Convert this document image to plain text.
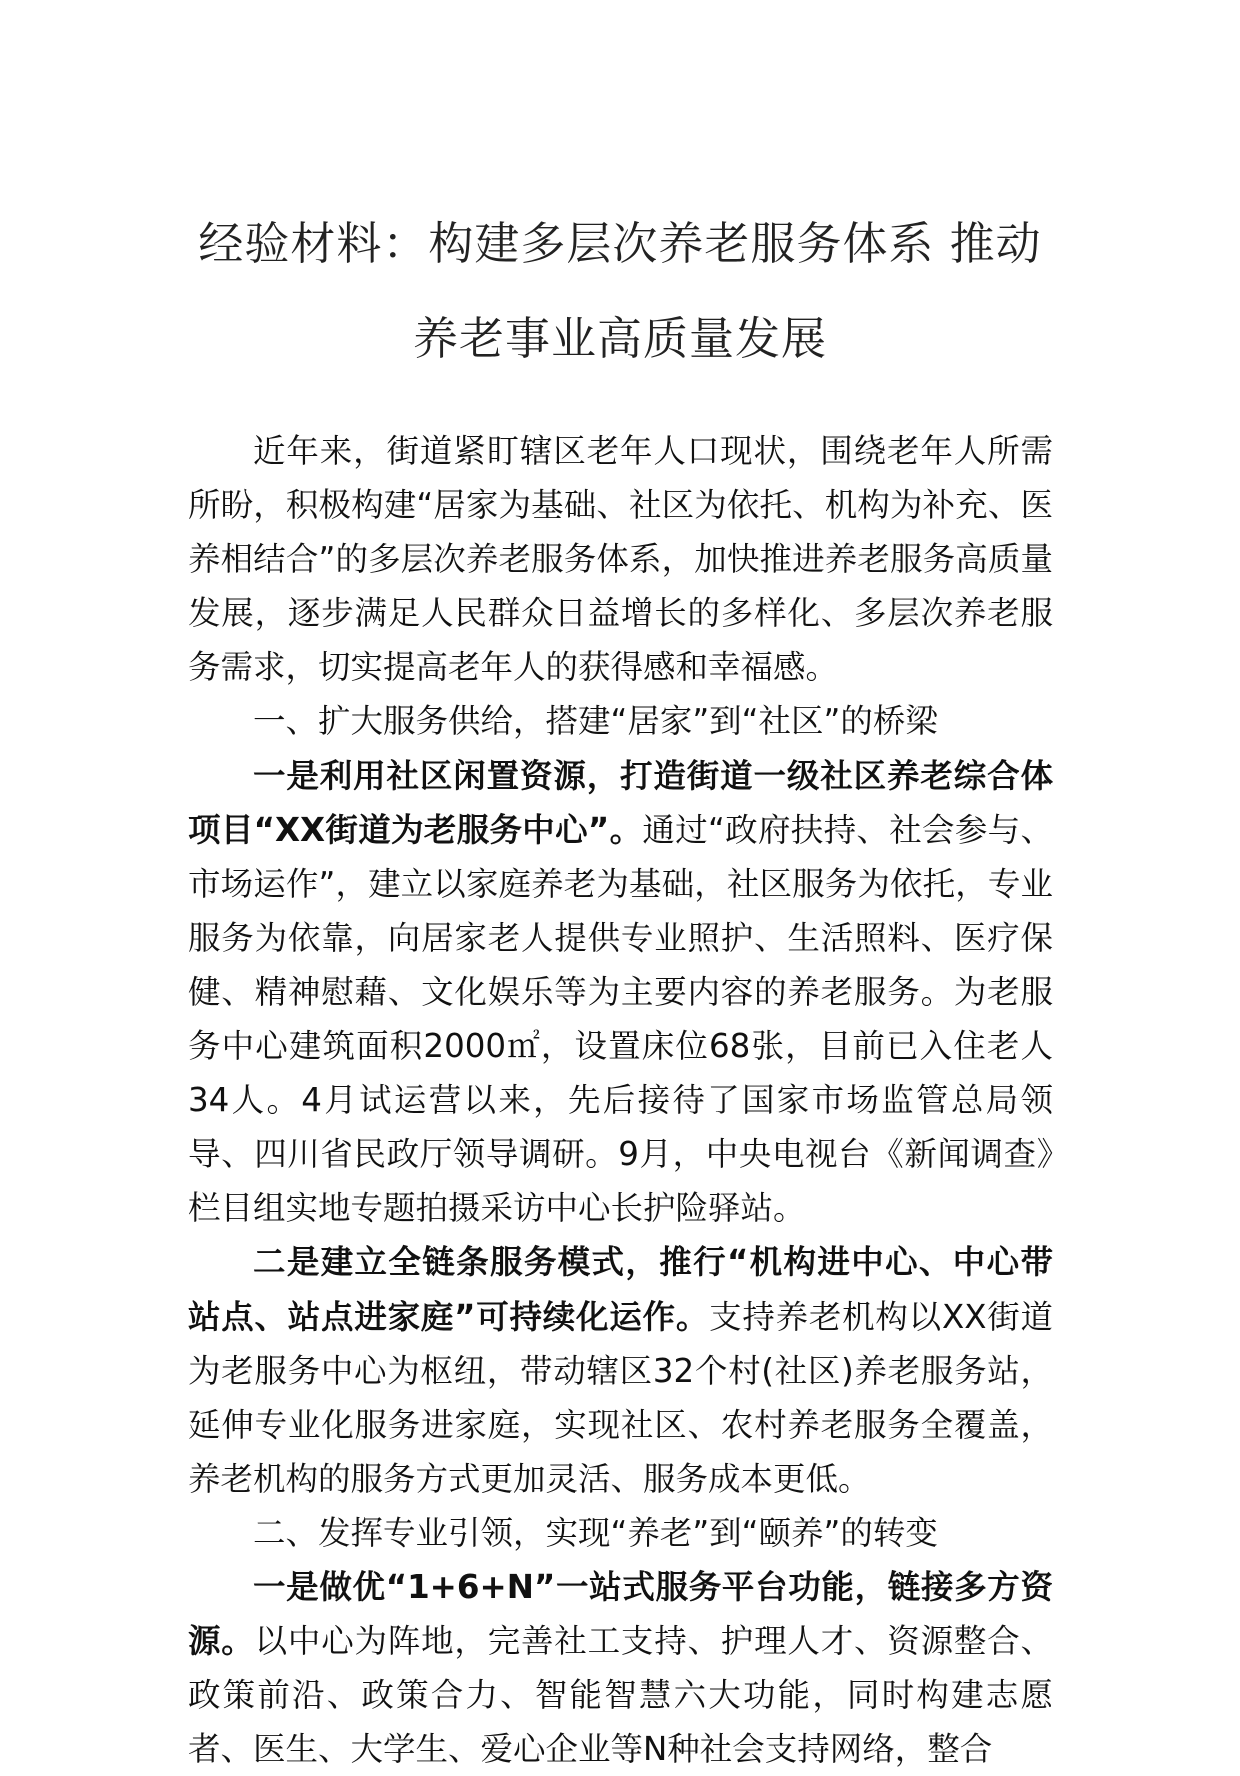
经验材料：构建多层次养老服务体系 推动
养老事业高质量发展

近年来，街道紧盯辖区老年人口现状，围绕老年人所需所盼，积极构建“居家为基础、社区为依托、机构为补充、医养相结合”的多层次养老服务体系，加快推进养老服务高质量发展，逐步满足人民群众日益增长的多样化、多层次养老服务需求，切实提高老年人的获得感和幸福感。

一、扩大服务供给，搭建“居家”到“社区”的桥梁

一是利用社区闲置资源，打造街道一级社区养老综合体项目“XX街道为老服务中心”。通过“政府扶持、社会参与、市场运作”，建立以家庭养老为基础，社区服务为依托，专业服务为依靠，向居家老人提供专业照护、生活照料、医疗保健、精神慰藉、文化娱乐等为主要内容的养老服务。为老服务中心建筑面积2000㎡，设置床位68张，目前已入住老人34人。4月试运营以来，先后接待了国家市场监管总局领导、四川省民政厅领导调研。9月，中央电视台《新闻调查》栏目组实地专题拍摄采访中心长护险驿站。

二是建立全链条服务模式，推行“机构进中心、中心带站点、站点进家庭”可持续化运作。支持养老机构以XX街道为老服务中心为枢纽，带动辖区32个村(社区)养老服务站，延伸专业化服务进家庭，实现社区、农村养老服务全覆盖，养老机构的服务方式更加灵活、服务成本更低。

二、发挥专业引领，实现“养老”到“颐养”的转变

一是做优“1+6+N”一站式服务平台功能，链接多方资源。以中心为阵地，完善社工支持、护理人才、资源整合、政策前沿、政策合力、智能智慧六大功能，同时构建志愿者、医生、大学生、爱心企业等N种社会支持网络，整合
